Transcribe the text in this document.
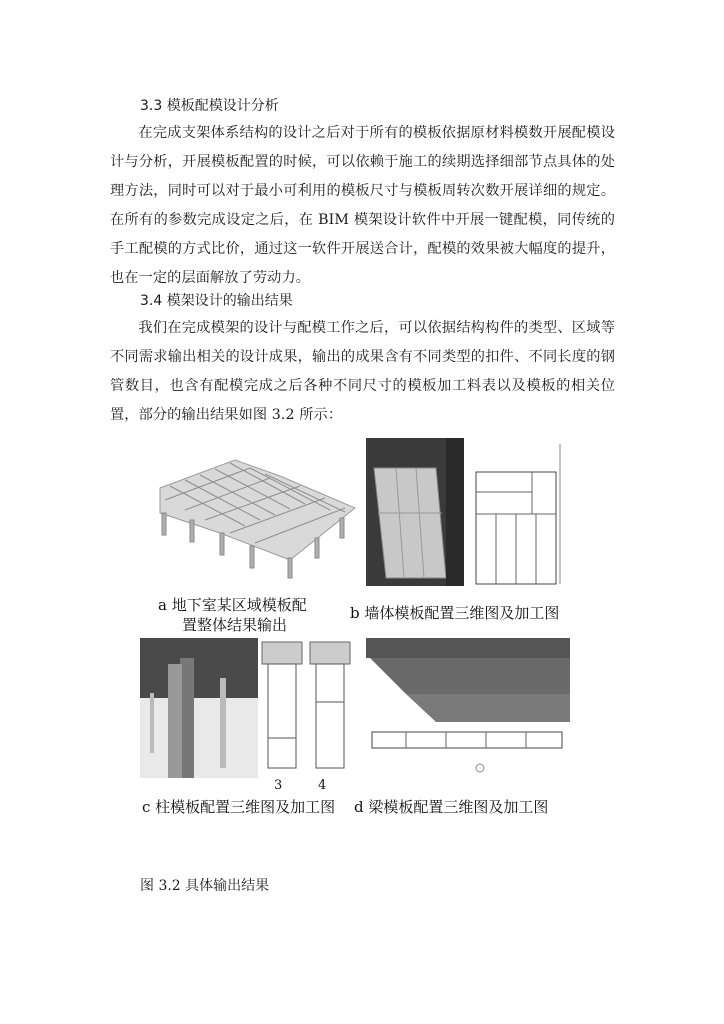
3.3 模板配模设计分析

在完成支架体系结构的设计之后对于所有的模板依据原材料模数开展配模设计与分析，开展模板配置的时候，可以依赖于施工的续期选择细部节点具体的处理方法，同时可以对于最小可利用的模板尺寸与模板周转次数开展详细的规定。在所有的参数完成设定之后，在 BIM 模架设计软件中开展一键配模，同传统的手工配模的方式比价，通过这一软件开展送合计，配模的效果被大幅度的提升，也在一定的层面解放了劳动力。

3.4 模架设计的输出结果

我们在完成模架的设计与配模工作之后，可以依据结构构件的类型、区域等不同需求输出相关的设计成果，输出的成果含有不同类型的扣件、不同长度的钢管数目，也含有配模完成之后各种不同尺寸的模板加工料表以及模板的相关位置，部分的输出结果如图 3.2 所示：

a 地下室某区域模板配
置整体结果输出
b 墙体模板配置三维图及加工图
3	4
c 柱模板配置三维图及加工图 d 梁模板配置三维图及加工图
图 3.2 具体输出结果
